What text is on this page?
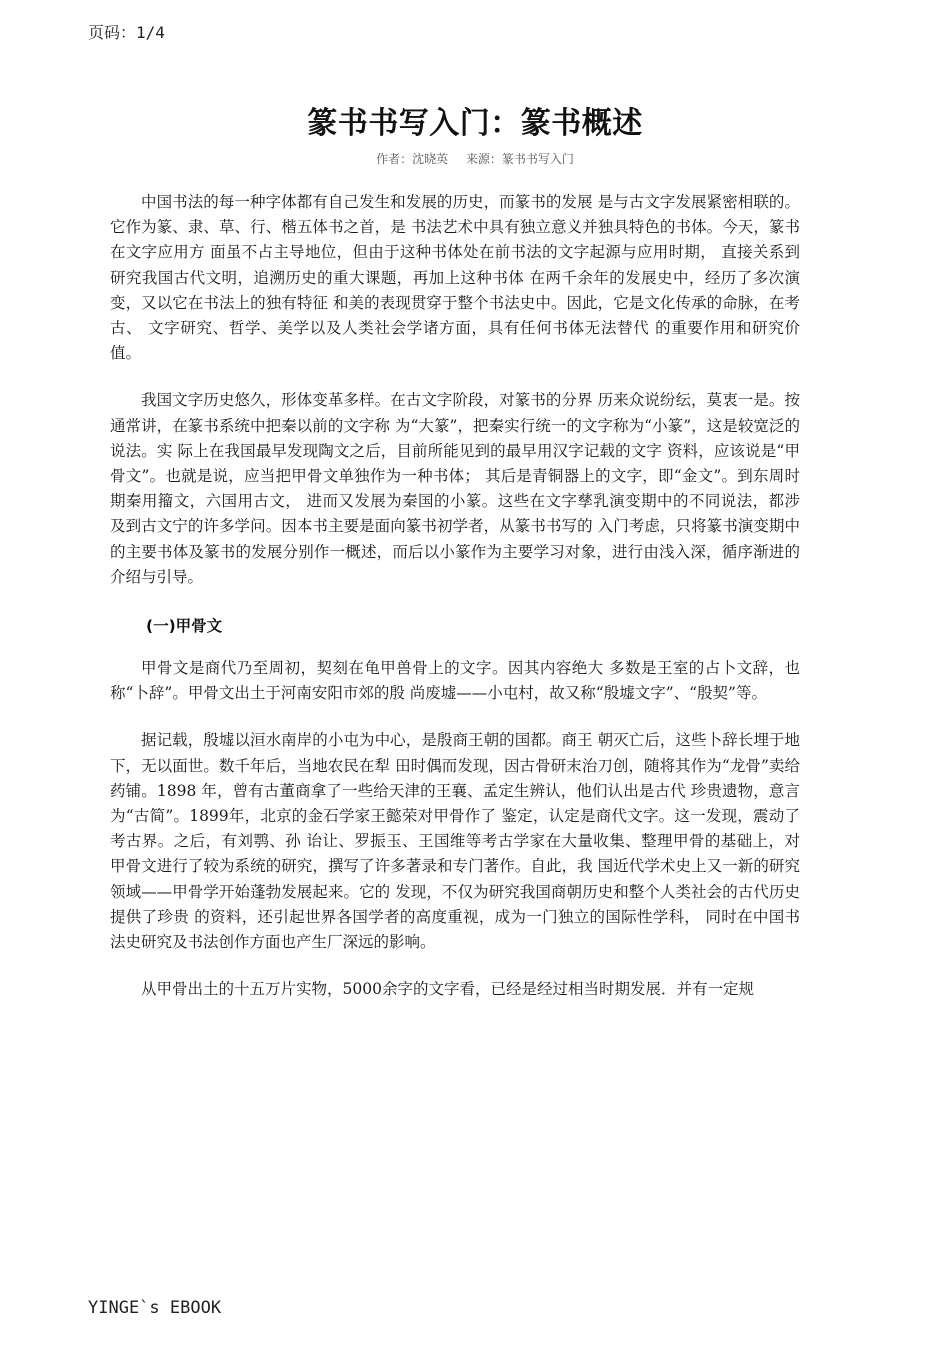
页码：1/4
篆书书写入门：篆书概述
作者：沈晓英 来源：篆书书写入门

中国书法的每一种字体都有自己发生和发展的历史，而篆书的发展 是与古文字发展紧密相联的。它作为篆、隶、草、行、楷五体书之首，是 书法艺术中具有独立意义并独具特色的书体。今天，篆书在文字应用方 面虽不占主导地位，但由于这种书体处在前书法的文字起源与应用时期， 直接关系到研究我国古代文明，追溯历史的重大课题，再加上这种书体 在两千余年的发展史中，经历了多次演变，又以它在书法上的独有特征 和美的表现贯穿于整个书法史中。因此，它是文化传承的命脉，在考古、 文字研究、哲学、美学以及人类社会学诸方面，具有任何书体无法替代 的重要作用和研究价值。

我国文字历史悠久，形体变革多样。在古文字阶段，对篆书的分界 历来众说纷纭，莫衷一是。按通常讲，在篆书系统中把秦以前的文字称 为“大篆”，把秦实行统一的文字称为“小篆”，这是较宽泛的说法。实 际上在我国最早发现陶文之后，目前所能见到的最早用汉字记载的文字 资料，应该说是“甲骨文”。也就是说，应当把甲骨文单独作为一种书体； 其后是青铜器上的文字，即“金文”。到东周时期秦用籀文，六国用古文， 进而又发展为秦国的小篆。这些在文字孳乳演变期中的不同说法，都涉 及到古文宁的许多学问。因本书主要是面向篆书初学者，从篆书书写的 入门考虑，只将篆书演变期中的主要书体及篆书的发展分别作一概述，而后以小篆作为主要学习对象，进行由浅入深，循序渐进的介绍与引导。

(一)甲骨文

甲骨文是商代乃至周初，契刻在龟甲兽骨上的文字。因其内容绝大 多数是王室的占卜文辞，也称“卜辞”。甲骨文出土于河南安阳市郊的殷 尚废墟——小屯村，故又称“殷墟文字”、“殷契”等。

据记载，殷墟以洹水南岸的小屯为中心，是殷商王朝的国都。商王 朝灭亡后，这些卜辞长埋于地下，无以面世。数千年后，当地农民在犁 田时偶而发现，因古骨研末治刀创，随将其作为“龙骨”卖给药铺。1898 年，曾有古董商拿了一些给天津的王襄、孟定生辨认，他们认出是古代 珍贵遗物，意言为“古简”。1899年，北京的金石学家王懿荣对甲骨作了 鉴定，认定是商代文字。这一发现，震动了考古界。之后，有刘鹗、孙 诒让、罗振玉、王国维等考古学家在大量收集、整理甲骨的基础上，对 甲骨文进行了较为系统的研究，撰写了许多著录和专门著作。自此，我 国近代学术史上又一新的研究领域——甲骨学开始蓬勃发展起来。它的 发现，不仅为研究我国商朝历史和整个人类社会的古代历史提供了珍贵 的资料，还引起世界各国学者的高度重视，成为一门独立的国际性学科， 同时在中国书法史研究及书法创作方面也产生厂深远的影响。

从甲骨出土的十五万片实物，5000余字的文字看，已经是经过相当时期发展．并有一定规

YINGE`s EBOOK
